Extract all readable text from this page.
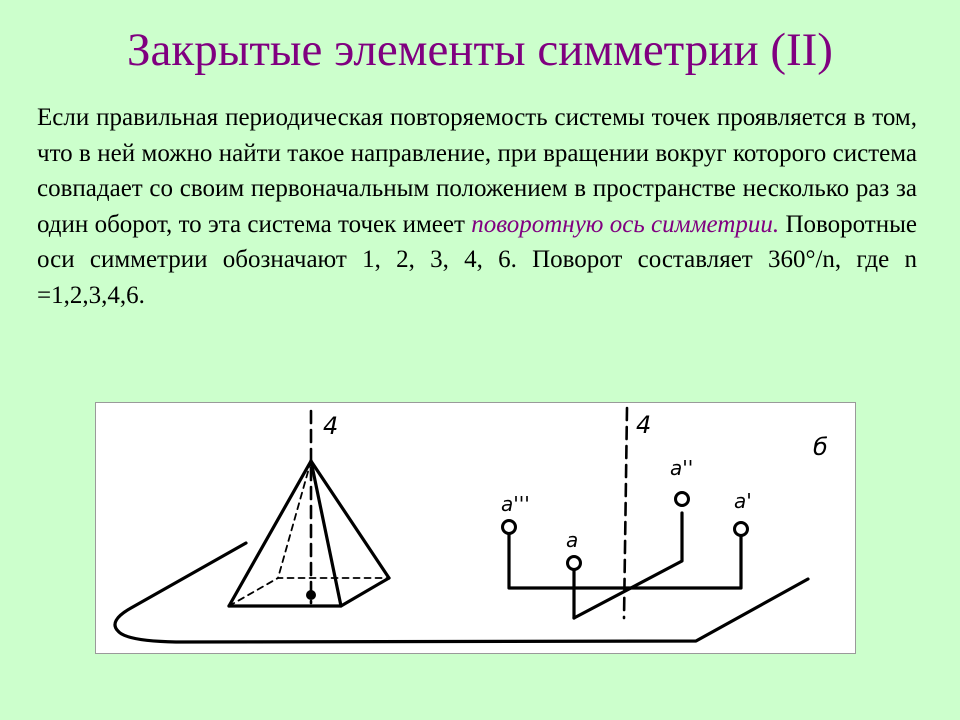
Закрытые элементы симметрии (II)
Если правильная периодическая повторяемость системы точек проявляется в том, что в ней можно найти такое направление, при вращении вокруг которого система совпадает со своим первоначальным положением в пространстве несколько раз за один оборот, то эта система точек имеет поворотную ось симметрии. Поворотные оси симметрии обозначают 1, 2, 3, 4, 6. Поворот составляет 360°/n, где n =1,2,3,4,6.
4	4
б
a'''
a
a''
a'
